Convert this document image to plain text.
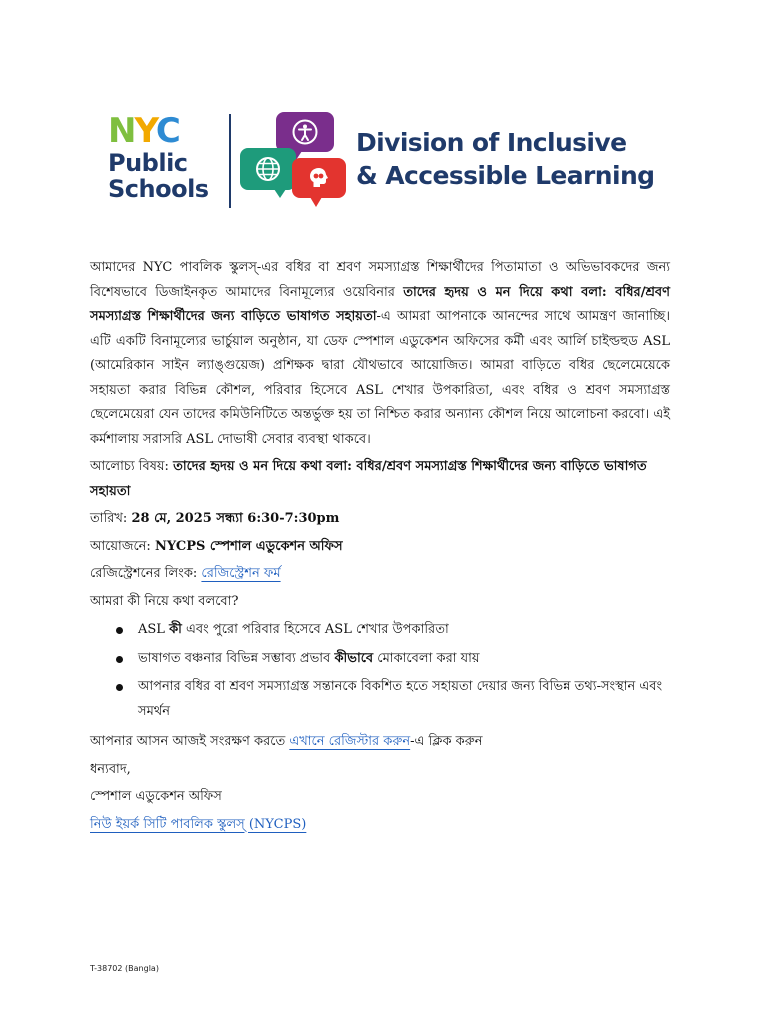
NYC
Public
Schools
Division of Inclusive
& Accessible Learning

আমাদের NYC পাবলিক স্কুলস্-এর বধির বা শ্রবণ সমস্যাগ্রস্ত শিক্ষার্থীদের পিতামাতা ও অভিভাবকদের জন্য বিশেষভাবে ডিজাইনকৃত আমাদের বিনামূল্যের ওয়েবিনার তাদের হৃদয় ও মন দিয়ে কথা বলা: বধির/শ্রবণ সমস্যাগ্রস্ত শিক্ষার্থীদের জন্য বাড়িতে ভাষাগত সহায়তা-এ আমরা আপনাকে আনন্দের সাথে আমন্ত্রণ জানাচ্ছি। এটি একটি বিনামূল্যের ভার্চুয়াল অনুষ্ঠান, যা ডেফ স্পেশাল এডুকেশন অফিসের কর্মী এবং আর্লি চাইল্ডহুড ASL (আমেরিকান সাইন ল্যাঙ্গুয়েজ) প্রশিক্ষক দ্বারা যৌথভাবে আয়োজিত। আমরা বাড়িতে বধির ছেলেমেয়েকে সহায়তা করার বিভিন্ন কৌশল, পরিবার হিসেবে ASL শেখার উপকারিতা, এবং বধির ও শ্রবণ সমস্যাগ্রস্ত ছেলেমেয়েরা যেন তাদের কমিউনিটিতে অন্তর্ভুক্ত হয় তা নিশ্চিত করার অন্যান্য কৌশল নিয়ে আলোচনা করবো। এই কর্মশালায় সরাসরি ASL দোভাষী সেবার ব্যবস্থা থাকবে।

আলোচ্য বিষয়: তাদের হৃদয় ও মন দিয়ে কথা বলা: বধির/শ্রবণ সমস্যাগ্রস্ত শিক্ষার্থীদের জন্য বাড়িতে ভাষাগত সহায়তা

তারিখ: 28 মে, 2025 সন্ধ্যা 6:30-7:30pm

আয়োজনে: NYCPS স্পেশাল এডুকেশন অফিস

রেজিস্ট্রেশনের লিংক: রেজিস্ট্রেশন ফর্ম

আমরা কী নিয়ে কথা বলবো?

ASL কী এবং পুরো পরিবার হিসেবে ASL শেখার উপকারিতা
ভাষাগত বঞ্চনার বিভিন্ন সম্ভাব্য প্রভাব কীভাবে মোকাবেলা করা যায়
আপনার বধির বা শ্রবণ সমস্যাগ্রস্ত সন্তানকে বিকশিত হতে সহায়তা দেয়ার জন্য বিভিন্ন তথ্য-সংস্থান এবং সমর্থন

আপনার আসন আজই সংরক্ষণ করতে এখানে রেজিস্টার করুন-এ ক্লিক করুন

ধন্যবাদ,

স্পেশাল এডুকেশন অফিস

নিউ ইয়র্ক সিটি পাবলিক স্কুলস্ (NYCPS)

T-38702 (Bangla)
